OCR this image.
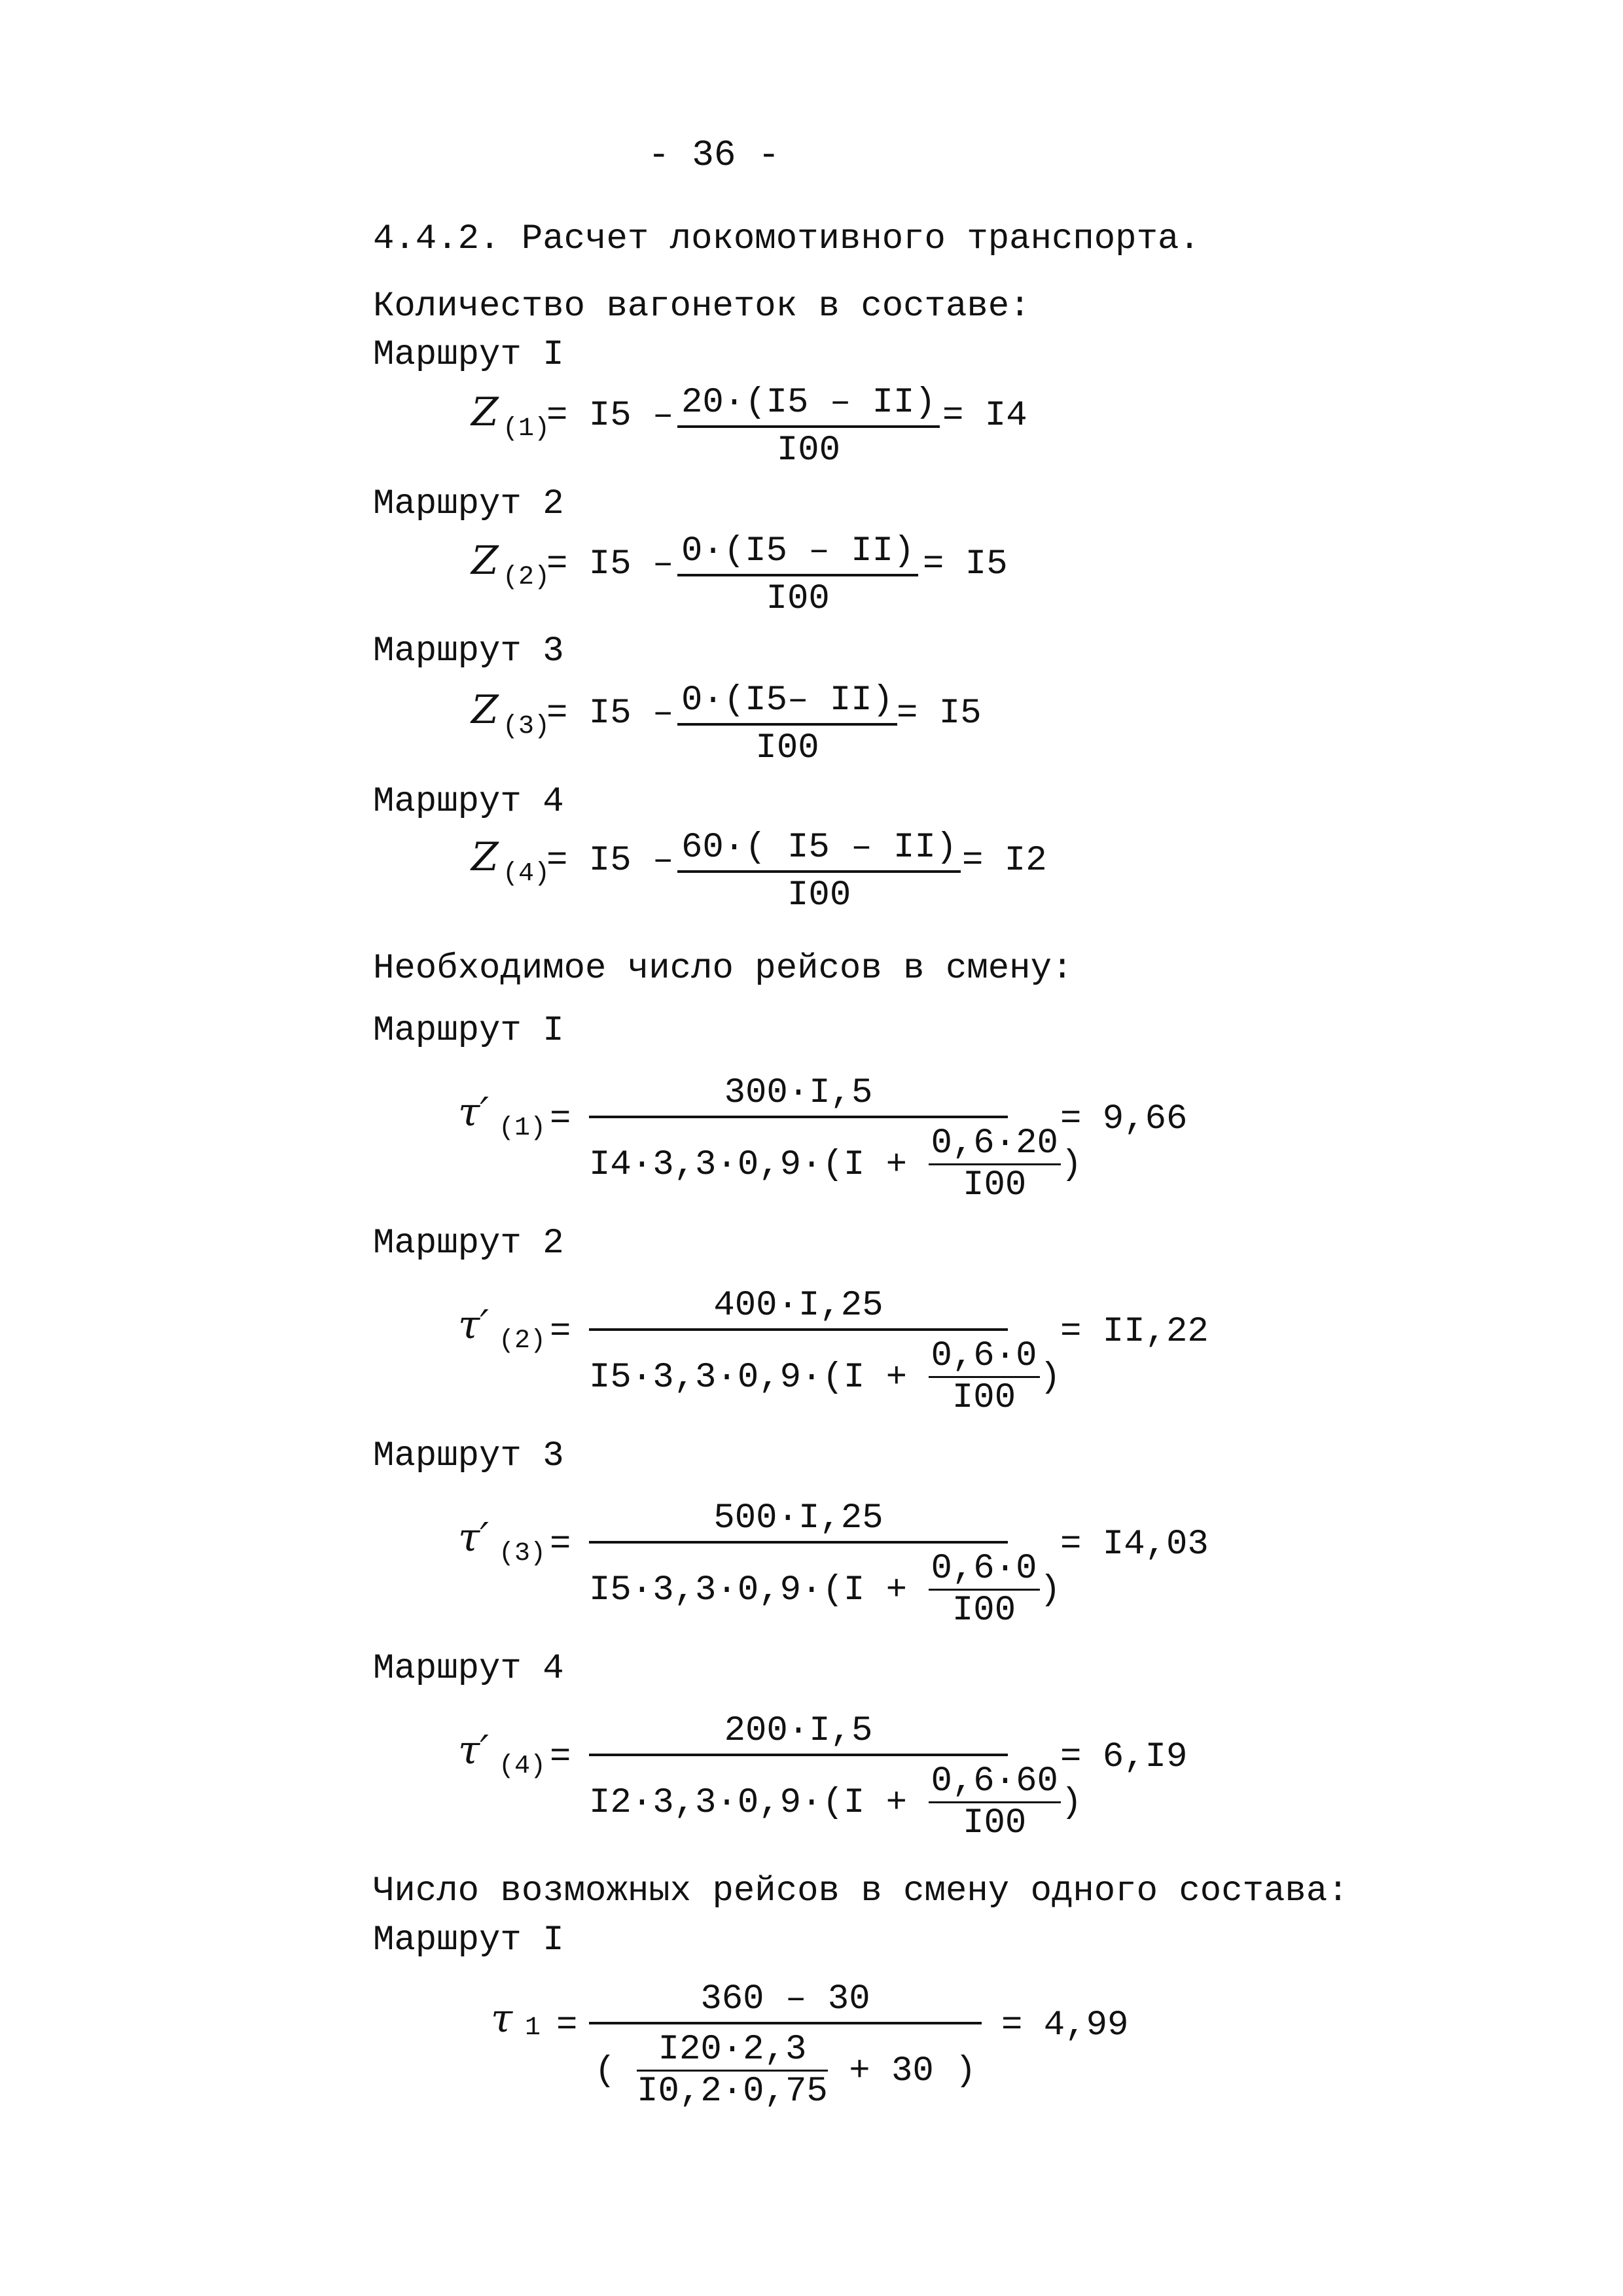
- 36 -
4.4.2. Расчет локомотивного транспорта.
Количество вагонеток в составе:
Маршрут I
Z (1)
= I5 – 20·(I5 – II)
I00
= I4
Маршрут 2
Z (2)
= I5 – 0·(I5 – II)
I00
= I5
Маршрут 3
Z (3)
= I5 – 0·(I5– II)
I00
= I5
Маршрут 4
Z (4)
= I5 – 60·( I5 – II)
I00
= I2
Необходимое число рейсов в смену:
Маршрут I
τ′ (1) =
300·I,5
$I4\cdot 3,3\cdot 0,9\cdot(I + \frac{0,6\cdot 20}{I00}$ )
= 9,66
Маршрут 2
τ′ (2) =
400·I,25
$I5\cdot 3,3\cdot 0,9\cdot(I + \frac{0,6\cdot 0}{I00}$ )
= II,22
Маршрут 3
τ′ (3) =
500·I,25
$I5\cdot 3,3\cdot 0,9\cdot(I + \frac{0,6\cdot 0}{I00}$ )
= I4,03
Маршрут 4
τ′ (4) =
200·I,5
$I2\cdot 3,3\cdot 0,9\cdot(I + \frac{0,6\cdot 60}{I00}$ )
= 6,I9
Число возможных рейсов в смену одного состава:
Маршрут I
τ 1 =
360 – 30
( $\frac{I20\cdot 2,3}{I0,2\cdot 0,75} + 30$ )
= 4,99
